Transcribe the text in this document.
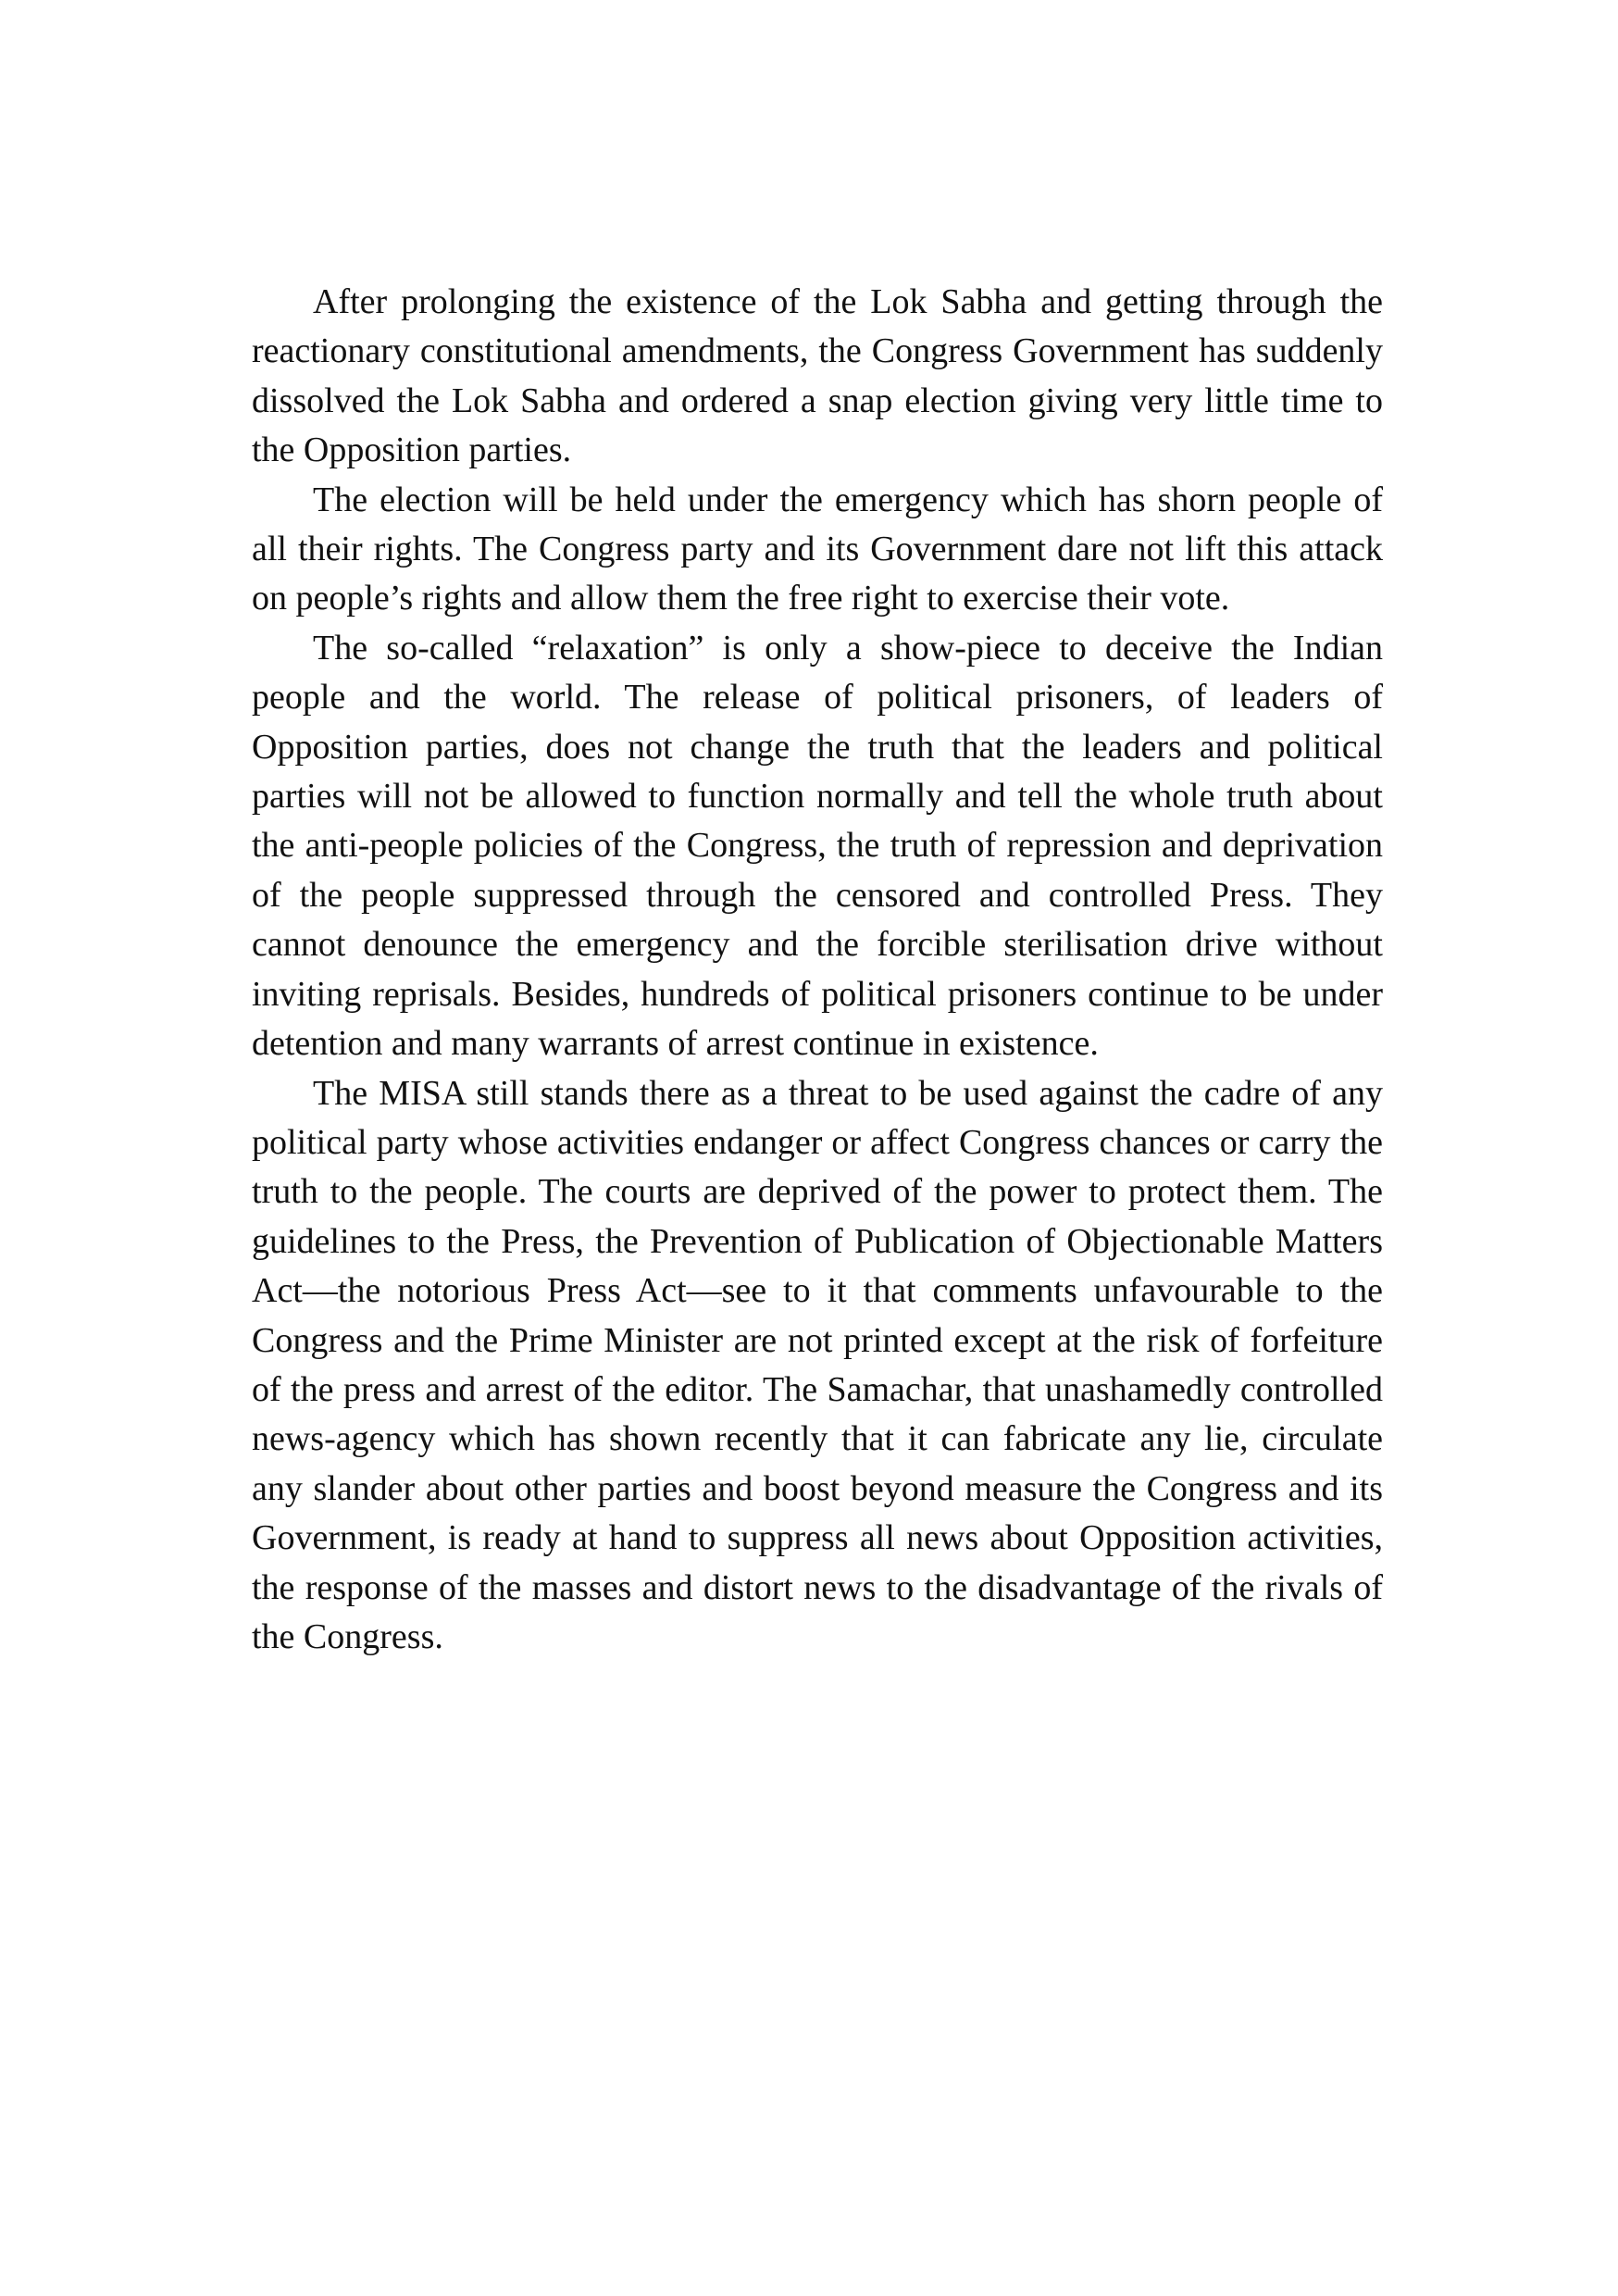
After prolonging the existence of the Lok Sabha and getting through the reactionary constitutional amendments, the Congress Government has suddenly dissolved the Lok Sabha and ordered a snap election giving very little time to the Opposition parties.

The election will be held under the emergency which has shorn people of all their rights. The Congress party and its Government dare not lift this attack on people’s rights and allow them the free right to exercise their vote.

The so-called “relaxation” is only a show-piece to deceive the Indian people and the world. The release of political prisoners, of leaders of Opposition parties, does not change the truth that the leaders and political parties will not be allowed to function normally and tell the whole truth about the anti-people policies of the Congress, the truth of repression and deprivation of the people suppressed through the censored and controlled Press. They cannot denounce the emergency and the forcible sterilisation drive without inviting reprisals. Besides, hundreds of political prisoners continue to be under detention and many warrants of arrest continue in existence.

The MISA still stands there as a threat to be used against the cadre of any political party whose activities endanger or affect Congress chances or carry the truth to the people. The courts are deprived of the power to protect them. The guidelines to the Press, the Prevention of Publication of Objectionable Matters Act—the notorious Press Act—see to it that comments unfavourable to the Congress and the Prime Minister are not printed except at the risk of forfeiture of the press and arrest of the editor. The Samachar, that unashamedly controlled news-agency which has shown recently that it can fabricate any lie, circulate any slander about other parties and boost beyond measure the Congress and its Government, is ready at hand to suppress all news about Opposition activities, the response of the masses and distort news to the disadvantage of the rivals of the Congress.
